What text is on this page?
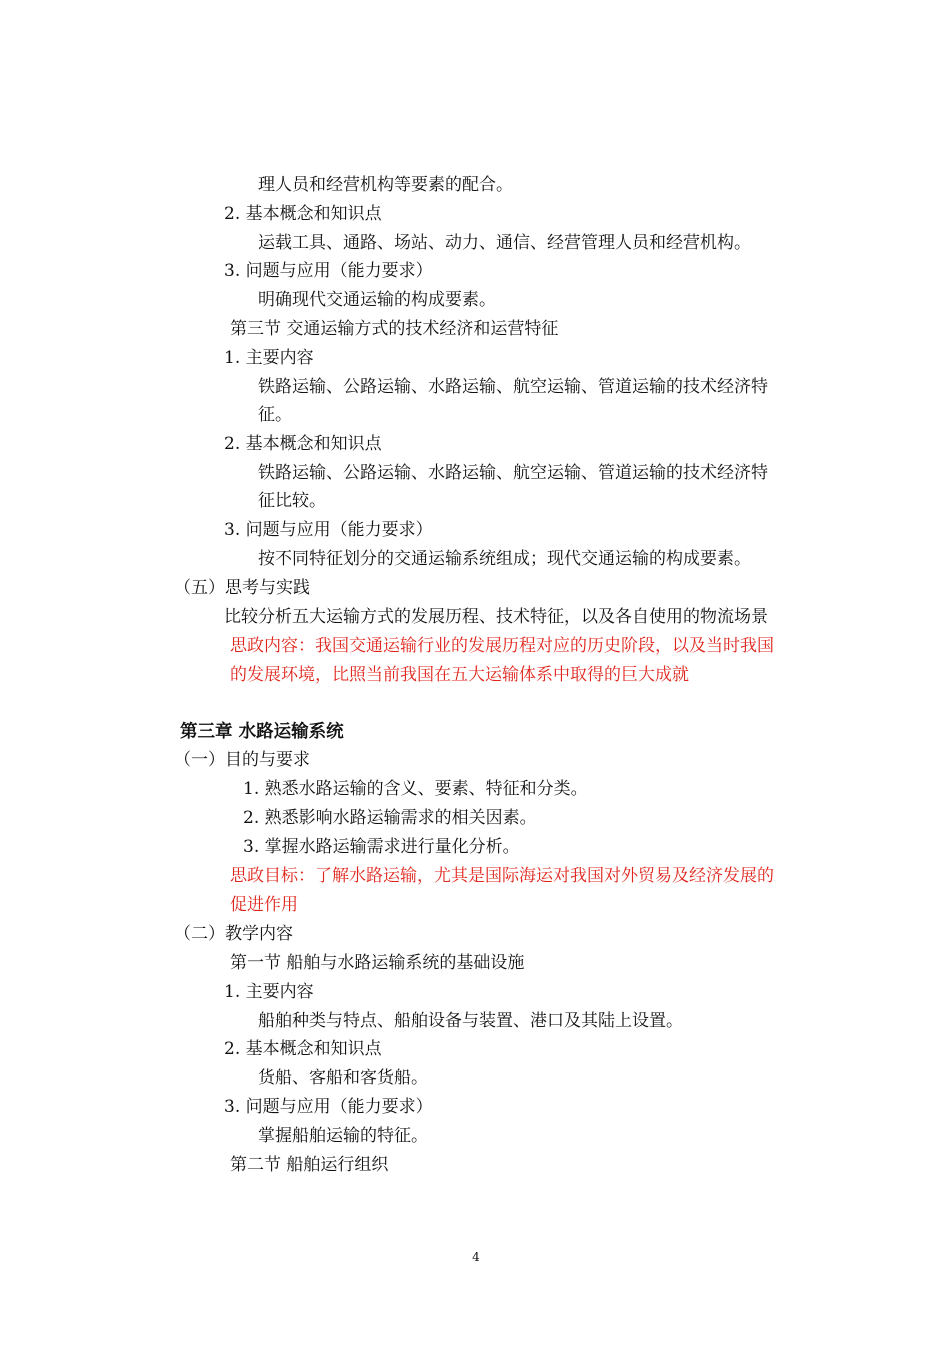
理人员和经营机构等要素的配合。
2. 基本概念和知识点
运载工具、通路、场站、动力、通信、经营管理人员和经营机构。
3. 问题与应用（能力要求）
明确现代交通运输的构成要素。
第三节 交通运输方式的技术经济和运营特征
1. 主要内容
铁路运输、公路运输、水路运输、航空运输、管道运输的技术经济特
征。
2. 基本概念和知识点
铁路运输、公路运输、水路运输、航空运输、管道运输的技术经济特
征比较。
3. 问题与应用（能力要求）
按不同特征划分的交通运输系统组成；现代交通运输的构成要素。
（五）思考与实践
比较分析五大运输方式的发展历程、技术特征，以及各自使用的物流场景
思政内容：我国交通运输行业的发展历程对应的历史阶段，以及当时我国
的发展环境，比照当前我国在五大运输体系中取得的巨大成就
第三章 水路运输系统
（一）目的与要求
1. 熟悉水路运输的含义、要素、特征和分类。
2. 熟悉影响水路运输需求的相关因素。
3. 掌握水路运输需求进行量化分析。
思政目标：了解水路运输，尤其是国际海运对我国对外贸易及经济发展的
促进作用
（二）教学内容
第一节 船舶与水路运输系统的基础设施
1. 主要内容
船舶种类与特点、船舶设备与装置、港口及其陆上设置。
2. 基本概念和知识点
货船、客船和客货船。
3. 问题与应用（能力要求）
掌握船舶运输的特征。
第二节 船舶运行组织
4
